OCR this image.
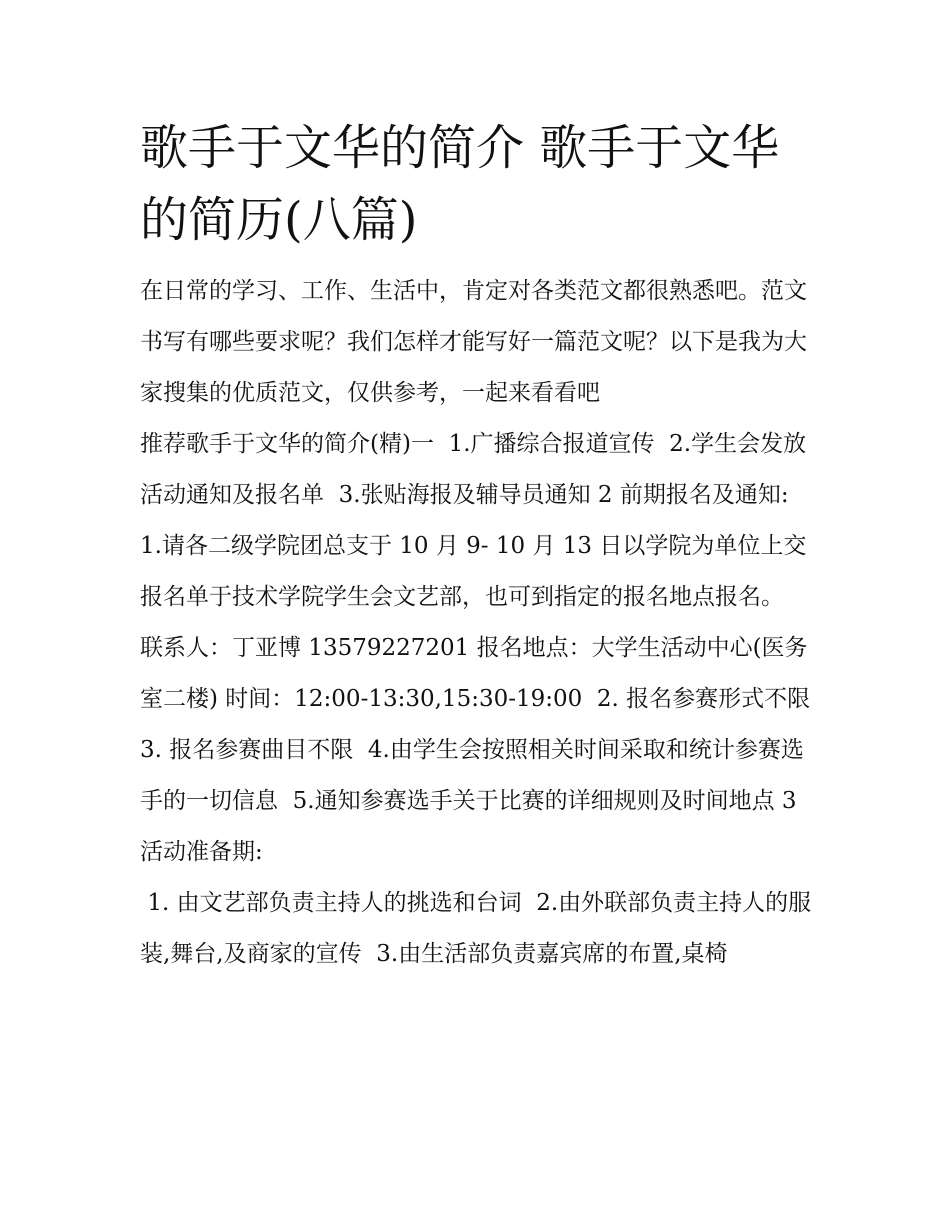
歌手于文华的简介 歌手于文华的简历(八篇)

在日常的学习、工作、生活中，肯定对各类范文都很熟悉吧。范文书写有哪些要求呢？我们怎样才能写好一篇范文呢？以下是我为大家搜集的优质范文，仅供参考，一起来看看吧

推荐歌手于文华的简介(精)一  1.广播综合报道宣传  2.学生会发放活动通知及报名单  3.张贴海报及辅导员通知 2 前期报名及通知:

1.请各二级学院团总支于 10 月 9- 10 月 13 日以学院为单位上交报名单于技术学院学生会文艺部，也可到指定的报名地点报名。

联系人：丁亚博 13579227201 报名地点：大学生活动中心(医务室二楼) 时间：12:00-13:30,15:30-19:00  2. 报名参赛形式不限  3. 报名参赛曲目不限  4.由学生会按照相关时间采取和统计参赛选手的一切信息  5.通知参赛选手关于比赛的详细规则及时间地点 3 活动准备期:

1. 由文艺部负责主持人的挑选和台词  2.由外联部负责主持人的服装,舞台,及商家的宣传  3.由生活部负责嘉宾席的布置,桌椅
